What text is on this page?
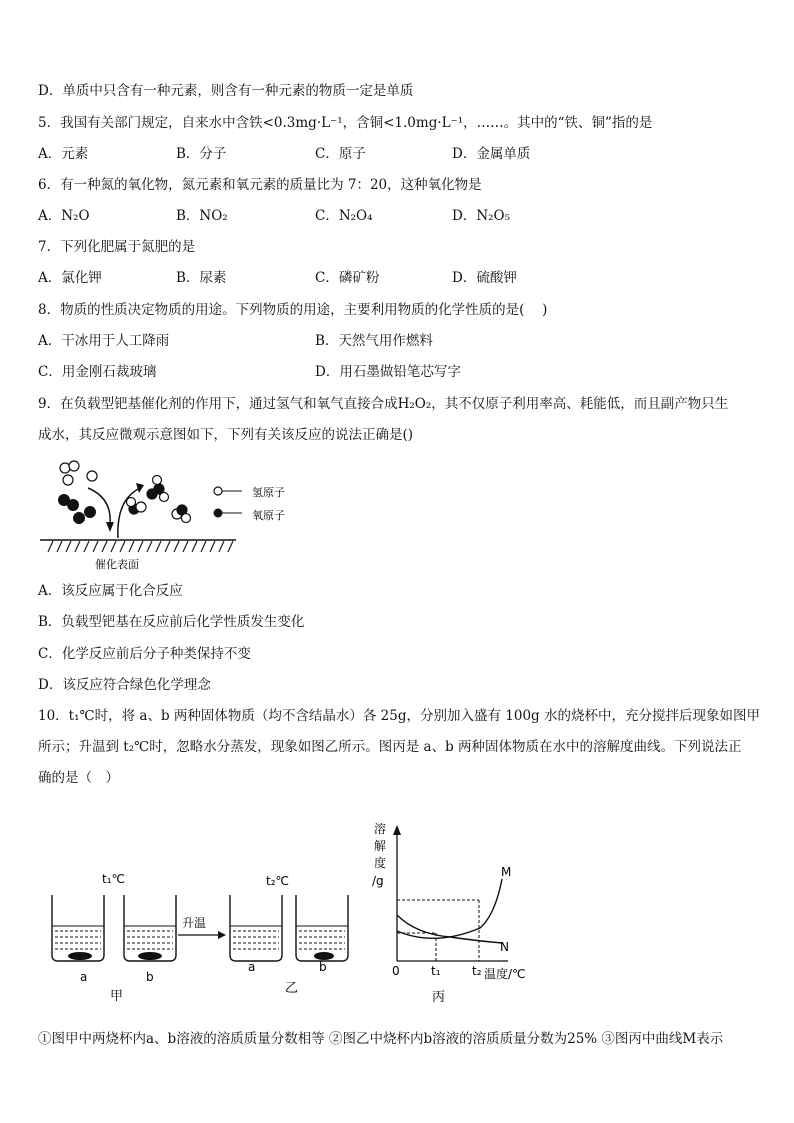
D．单质中只含有一种元素，则含有一种元素的物质一定是单质
5．我国有关部门规定，自来水中含铁<0.3mg·L⁻¹，含铜<1.0mg·L⁻¹，……。其中的“铁、铜”指的是
A．元素	B．分子	C．原子	D．金属单质
6．有一种氮的氧化物，氮元素和氧元素的质量比为 7：20，这种氧化物是
A．N₂O	B．NO₂	C．N₂O₄	D．N₂O₅
7．下列化肥属于氮肥的是
A．氯化钾	B．尿素	C．磷矿粉	D．硫酸钾
8．物质的性质决定物质的用途。下列物质的用途，主要利用物质的化学性质的是(　 )
A．干冰用于人工降雨	B．天然气用作燃料
C．用金刚石裁玻璃	D．用石墨做铅笔芯写字
9．在负载型钯基催化剂的作用下，通过氢气和氧气直接合成H₂O₂，其不仅原子利用率高、耗能低，而且副产物只生
成水，其反应微观示意图如下，下列有关该反应的说法正确是()
氢原子
氧原子
催化表面
A．该反应属于化合反应
B．负载型钯基在反应前后化学性质发生变化
C．化学反应前后分子种类保持不变
D．该反应符合绿色化学理念
10．t₁℃时，将 a、b 两种固体物质（均不含结晶水）各 25g，分别加入盛有 100g 水的烧杯中，充分搅拌后现象如图甲
所示；升温到 t₂℃时，忽略水分蒸发，现象如图乙所示。图丙是 a、b 两种固体物质在水中的溶解度曲线。下列说法正
确的是（　）
t₁℃
a	b
甲
升温
t₂℃
a	b
乙
溶
解
度
/g
M
N
0	t₁	t₂ 温度/℃
丙
①图甲中两烧杯内a、b溶液的溶质质量分数相等 ②图乙中烧杯内b溶液的溶质质量分数为25% ③图丙中曲线M表示
